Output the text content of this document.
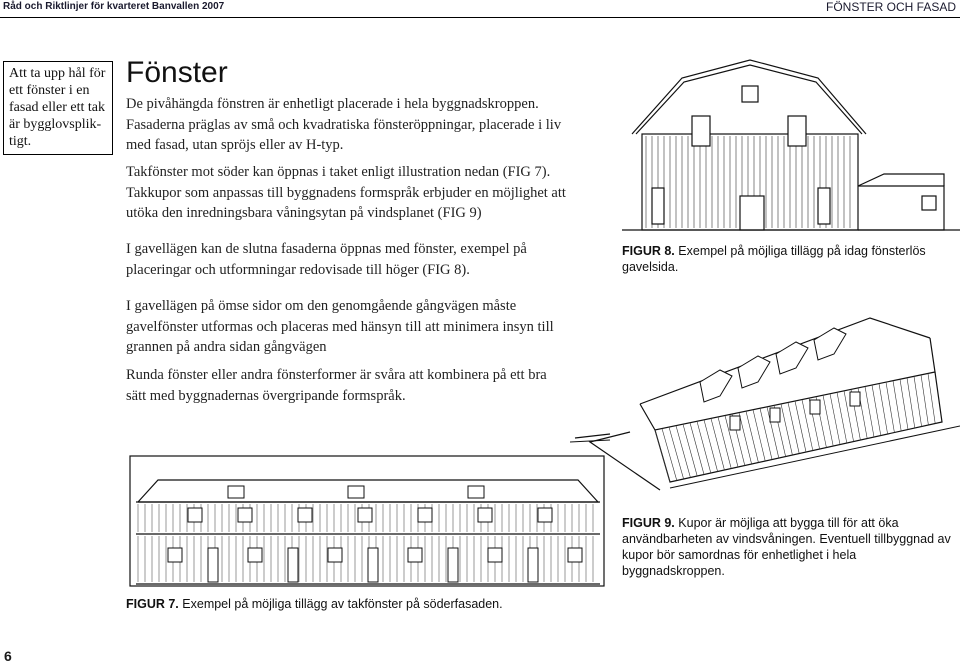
Råd och Riktlinjer för kvarteret Banvallen 2007	FÖNSTER OCH FASAD
Att ta upp hål för ett fönster i en fasad eller ett tak är bygglovsplik-tigt.
Fönster

De pivåhängda fönstren är enhetligt placerade i hela byggnadskroppen. Fasaderna präglas av små och kvadratiska fönsteröppningar, placerade i liv med fasad, utan spröjs eller av H-typ.

Takfönster mot söder kan öppnas i taket enligt illustration nedan (FIG 7). Takkupor som anpassas till byggnadens formspråk erbjuder en möjlighet att utöka den inredningsbara våningsytan på vindsplanet (FIG 9)

I gavellägen kan de slutna fasaderna öppnas med fönster, exempel på placeringar och utformningar redovisade till höger (FIG 8).

I gavellägen på ömse sidor om den genomgående gångvägen måste gavelfönster utformas och placeras med hänsyn till att minimera insyn till grannen på andra sidan gångvägen

Runda fönster eller andra fönsterformer är svåra att kombinera på ett bra sätt med byggnadernas övergripande formspråk.

FIGUR 8. Exempel på möjliga tillägg på idag fönsterlös gavelsida.
FIGUR 9. Kupor är möjliga att bygga till för att öka användbarheten av vindsvåningen. Eventuell tillbyggnad av kupor bör samordnas för enhetlighet i hela byggnadskroppen.
FIGUR 7. Exempel på möjliga tillägg av takfönster på söderfasaden.
6
